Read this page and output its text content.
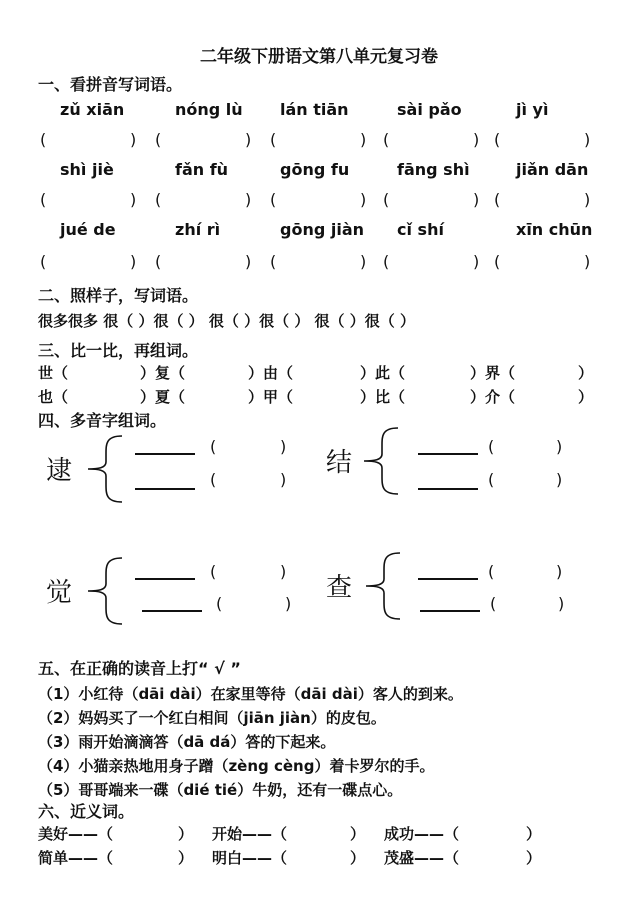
二年级下册语文第八单元复习卷
一、看拼音写词语。
zǔ xiān
(	)
nóng lù
(	)
lán tiān
(	)
sài pǎo
(	)
jì yì
(	)
shì jiè
(	)
fǎn fù
(	)
gōng fu
(	)
fāng shì
(	)
jiǎn dān
(	)
jué de
(	)
zhí rì
(	)
gōng jiàn
(	)
cǐ shí
(	)
xīn chūn
(	)
二、照样子，写词语。
很多很多 很（ ）很（ ） 很（ ）很（ ） 很（ ）很（ ）
三、比一比，再组词。
世（	）复（	）由（	）此（	）界（	）
也（	）夏（	）甲（	）比（	）介（	）
四、多音字组词。
逮
(	)
(	)
结
(	)
(	)
觉
(	)
(	)
查
(	)
(	)
五、在正确的读音上打“ √ ”
（1）小红待（dāi dài）在家里等待（dāi dài）客人的到来。
（2）妈妈买了一个红白相间（jiān jiàn）的皮包。
（3）雨开始滴滴答（dā dá）答的下起来。
（4）小猫亲热地用身子蹭（zèng cèng）着卡罗尔的手。
（5）哥哥端来一碟（dié tié）牛奶，还有一碟点心。
六、近义词。
美好——（	） 开始——（	） 成功——（	）
简单——（	） 明白——（	） 茂盛——（	）
